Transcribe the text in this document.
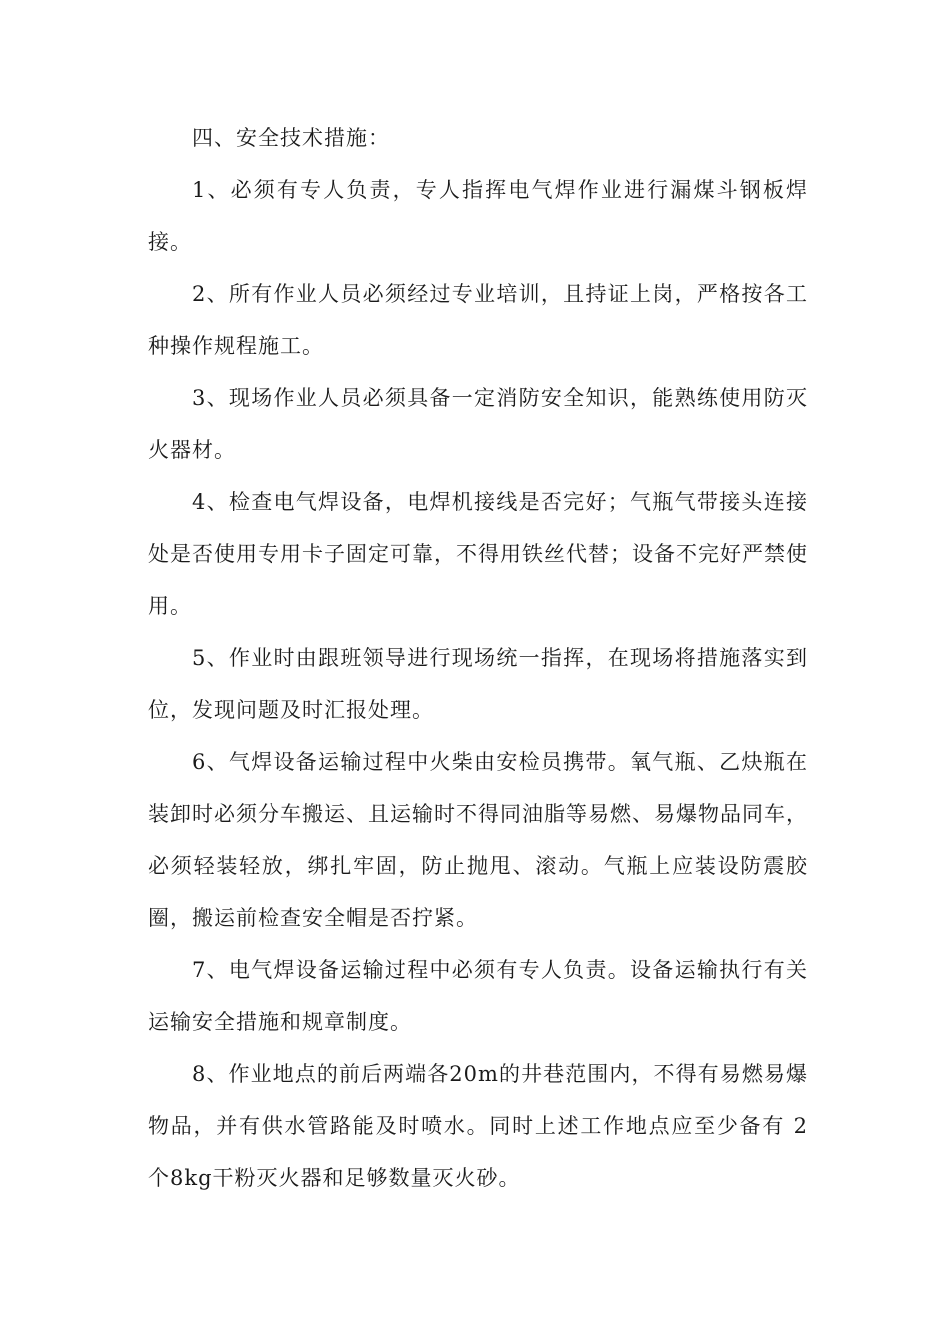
四、安全技术措施：

1、必须有专人负责，专人指挥电气焊作业进行漏煤斗钢板焊接。

2、所有作业人员必须经过专业培训，且持证上岗，严格按各工种操作规程施工。

3、现场作业人员必须具备一定消防安全知识，能熟练使用防灭火器材。

4、检查电气焊设备，电焊机接线是否完好；气瓶气带接头连接处是否使用专用卡子固定可靠，不得用铁丝代替；设备不完好严禁使用。

5、作业时由跟班领导进行现场统一指挥，在现场将措施落实到位，发现问题及时汇报处理。

6、气焊设备运输过程中火柴由安检员携带。氧气瓶、乙炔瓶在装卸时必须分车搬运、且运输时不得同油脂等易燃、易爆物品同车，必须轻装轻放，绑扎牢固，防止抛甩、滚动。气瓶上应装设防震胶圈，搬运前检查安全帽是否拧紧。

7、电气焊设备运输过程中必须有专人负责。设备运输执行有关运输安全措施和规章制度。

8、作业地点的前后两端各20m的井巷范围内，不得有易燃易爆物品，并有供水管路能及时喷水。同时上述工作地点应至少备有 2个8kg干粉灭火器和足够数量灭火砂。
